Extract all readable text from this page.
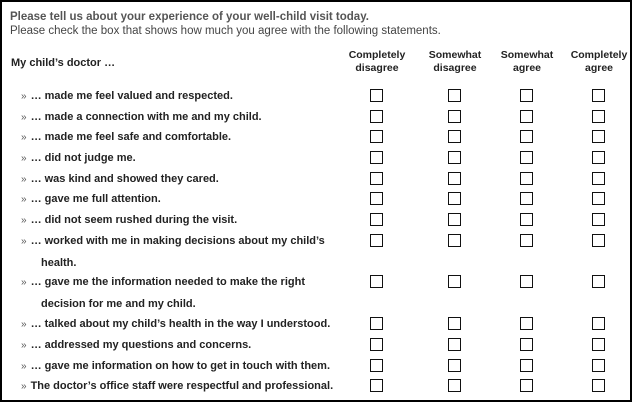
Please tell us about your experience of your well-child visit today.
Please check the box that shows how much you agree with the following statements.
My child’s doctor …
Completely
disagree
Somewhat
disagree
Somewhat
agree
Completely
agree
» … made me feel valued and respected.
» … made a connection with me and my child.
» … made me feel safe and comfortable.
» … did not judge me.
» … was kind and showed they cared.
» … gave me full attention.
» … did not seem rushed during the visit.
» … worked with me in making decisions about my child’s
health.
» … gave me the information needed to make the right
decision for me and my child.
» … talked about my child’s health in the way I understood.
» … addressed my questions and concerns.
» … gave me information on how to get in touch with them.
» The doctor’s office staff were respectful and professional.
